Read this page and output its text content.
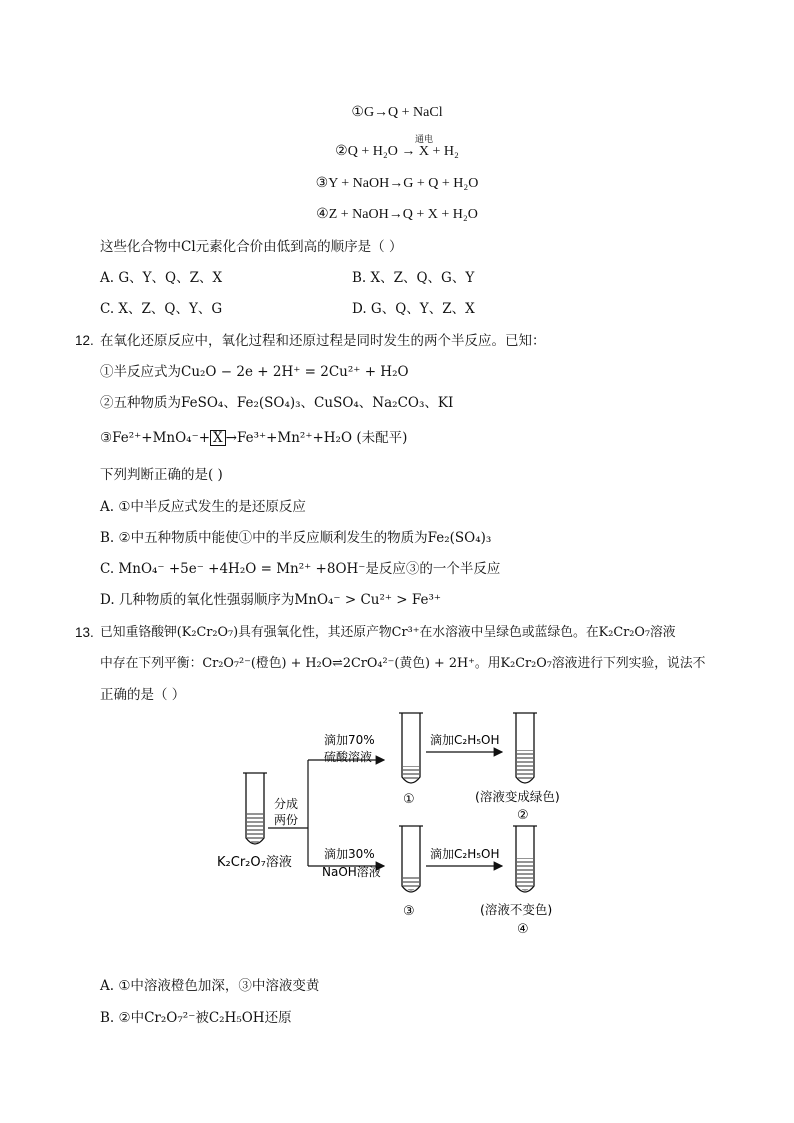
①G→Q + NaCl
通电
②Q + H₂O → X + H₂
③Y + NaOH→G + Q + H₂O
④Z + NaOH→Q + X + H₂O
这些化合物中Cl元素化合价由低到高的顺序是（ ）
A. G、Y、Q、Z、X	B. X、Z、Q、G、Y
C. X、Z、Q、Y、G	D. G、Q、Y、Z、X
12. 在氧化还原反应中，氧化过程和还原过程是同时发生的两个半反应。已知：
①半反应式为Cu₂O − 2e + 2H⁺ = 2Cu²⁺ + H₂O
②五种物质为FeSO₄、Fe₂(SO₄)₃、CuSO₄、Na₂CO₃、KI
③Fe²⁺+MnO₄⁻+ X →Fe³⁺+Mn²⁺+H₂O (未配平)
下列判断正确的是( )
A. ①中半反应式发生的是还原反应
B. ②中五种物质中能使①中的半反应顺利发生的物质为Fe₂(SO₄)₃
C. MnO₄⁻ +5e⁻ +4H₂O = Mn²⁺ +8OH⁻是反应③的一个半反应
D. 几种物质的氧化性强弱顺序为MnO₄⁻ > Cu²⁺ > Fe³⁺
13. 已知重铬酸钾(K₂Cr₂O₇)具有强氧化性，其还原产物Cr³⁺在水溶液中呈绿色或蓝绿色。在K₂Cr₂O₇溶液
中存在下列平衡：Cr₂O₇²⁻(橙色) + H₂O⇌2CrO₄²⁻(黄色) + 2H⁺。用K₂Cr₂O₇溶液进行下列实验，说法不
正确的是（ ）
K₂Cr₂O₇溶液
分成
两份
滴加70%
硫酸溶液
滴加30%
NaOH溶液
①
③
滴加C₂H₅OH
滴加C₂H₅OH
(溶液变成绿色)
②
(溶液不变色)
④
A. ①中溶液橙色加深，③中溶液变黄
B. ②中Cr₂O₇²⁻被C₂H₅OH还原
